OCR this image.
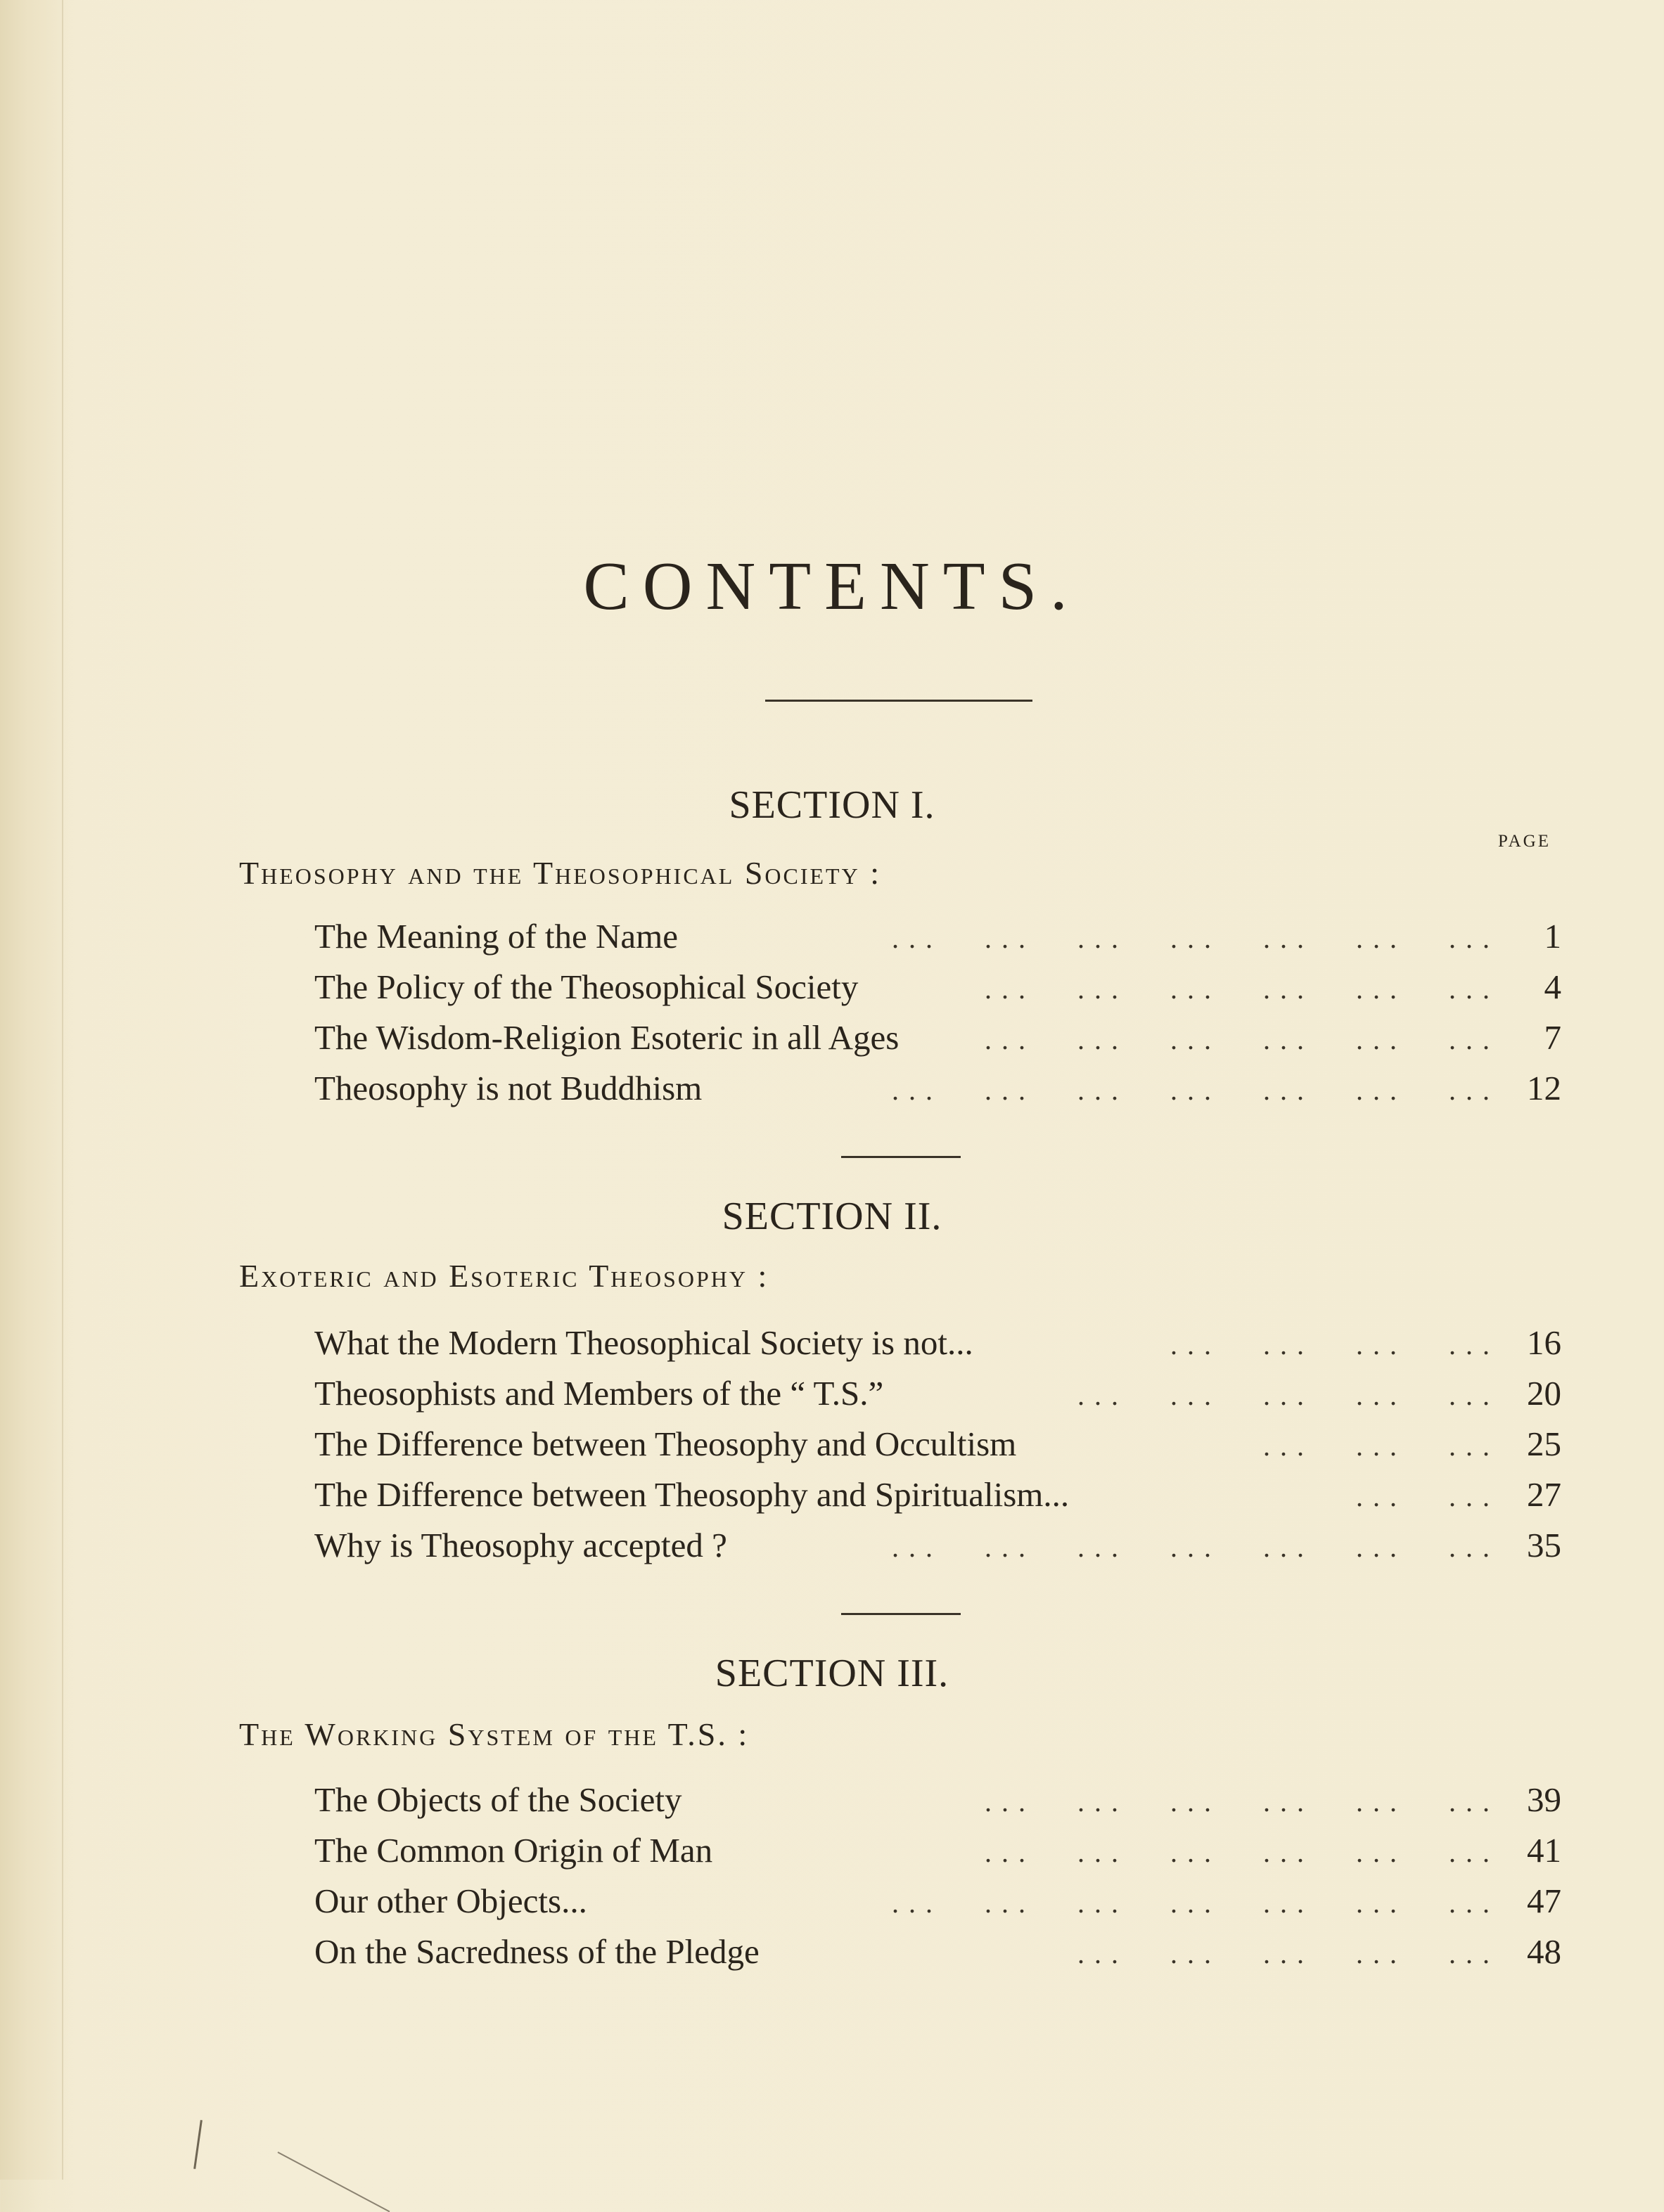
CONTENTS.
SECTION I.
PAGE
Theosophy and the Theosophical Society :
The Meaning of the Name	. . .      . . .      . . .      . . .      . . .      . . .      . . .	1
The Policy of the Theosophical Society	. . .      . . .      . . .      . . .      . . .      . . .	4
The Wisdom-Religion Esoteric in all Ages	. . .      . . .      . . .      . . .      . . .      . . .	7
Theosophy is not Buddhism	. . .      . . .      . . .      . . .      . . .      . . .      . . . 12
SECTION II.
Exoteric and Esoteric Theosophy :
What the Modern Theosophical Society is not...	. . .      . . .      . . .      . . . 16
Theosophists and Members of the “ T.S.”	. . .      . . .      . . .      . . .      . . . 20
The Difference between Theosophy and Occultism	. . .      . . .      . . . 25
The Difference between Theosophy and Spiritualism...	. . .      . . . 27
Why is Theosophy accepted ?	. . .      . . .      . . .      . . .      . . .      . . .      . . . 35
SECTION III.
The Working System of the T.S. :
The Objects of the Society	. . .      . . .      . . .      . . .      . . .      . . . 39
The Common Origin of Man	. . .      . . .      . . .      . . .      . . .      . . . 41
Our other Objects...	. . .      . . .      . . .      . . .      . . .      . . .      . . . 47
On the Sacredness of the Pledge	. . .      . . .      . . .      . . .      . . . 48
